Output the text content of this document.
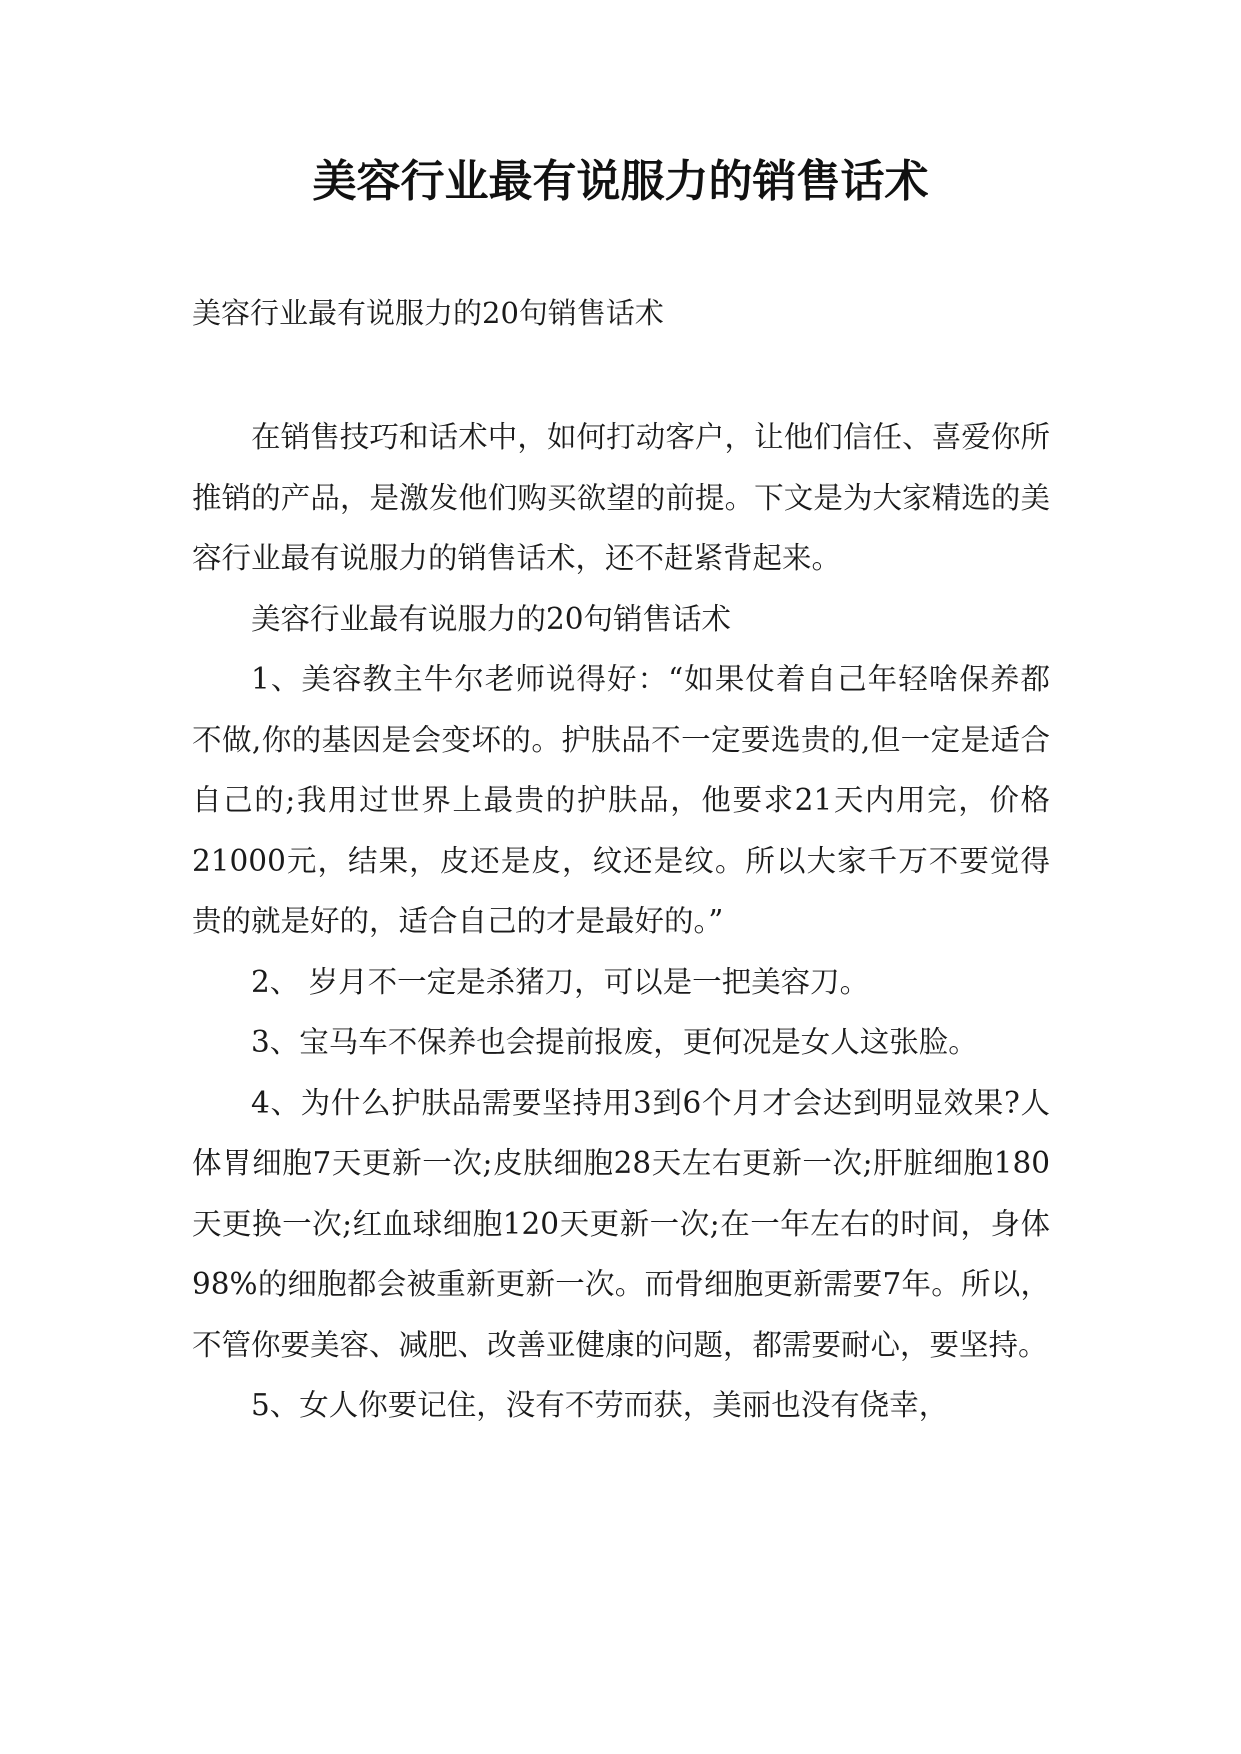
美容行业最有说服力的销售话术

美容行业最有说服力的20句销售话术

在销售技巧和话术中，如何打动客户，让他们信任、喜爱你所推销的产品，是激发他们购买欲望的前提。下文是为大家精选的美容行业最有说服力的销售话术，还不赶紧背起来。

美容行业最有说服力的20句销售话术

1、美容教主牛尔老师说得好：“如果仗着自己年轻啥保养都不做,你的基因是会变坏的。护肤品不一定要选贵的,但一定是适合自己的;我用过世界上最贵的护肤品，他要求21天内用完，价格21000元，结果，皮还是皮，纹还是纹。所以大家千万不要觉得贵的就是好的，适合自己的才是最好的。”

2、 岁月不一定是杀猪刀，可以是一把美容刀。

3、宝马车不保养也会提前报废，更何况是女人这张脸。

4、为什么护肤品需要坚持用3到6个月才会达到明显效果?人体胃细胞7天更新一次;皮肤细胞28天左右更新一次;肝脏细胞180天更换一次;红血球细胞120天更新一次;在一年左右的时间，身体98%的细胞都会被重新更新一次。而骨细胞更新需要7年。所以，不管你要美容、减肥、改善亚健康的问题，都需要耐心，要坚持。

5、女人你要记住，没有不劳而获，美丽也没有侥幸，
